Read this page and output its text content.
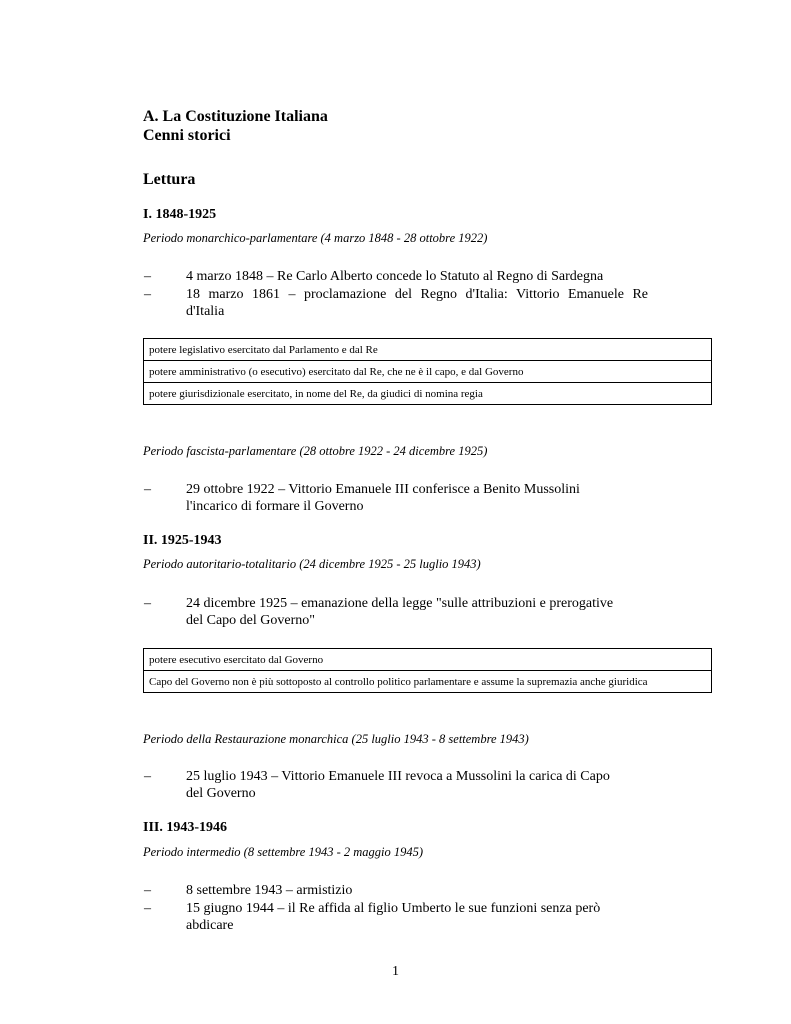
A. La Costituzione Italiana
Cenni storici
Lettura
I. 1848-1925
Periodo monarchico-parlamentare (4 marzo 1848 - 28 ottobre 1922)
–	4 marzo 1848 – Re Carlo Alberto concede lo Statuto al Regno di Sardegna
–	18 marzo 1861 – proclamazione del Regno d'Italia: Vittorio Emanuele Re
d'Italia
potere legislativo esercitato dal Parlamento e dal Re
potere amministrativo (o esecutivo) esercitato dal Re, che ne è il capo, e dal Governo
potere giurisdizionale esercitato, in nome del Re, da giudici di nomina regia
Periodo fascista-parlamentare (28 ottobre 1922 - 24 dicembre 1925)
–	29 ottobre 1922 – Vittorio Emanuele III conferisce a Benito Mussolini
l'incarico di formare il Governo
II. 1925-1943
Periodo autoritario-totalitario (24 dicembre 1925 - 25 luglio 1943)
–	24 dicembre 1925 – emanazione della legge "sulle attribuzioni e prerogative
del Capo del Governo"
potere esecutivo esercitato dal Governo
Capo del Governo non è più sottoposto al controllo politico parlamentare e assume la supremazia anche giuridica
Periodo della Restaurazione monarchica (25 luglio 1943 - 8 settembre 1943)
–	25 luglio 1943 – Vittorio Emanuele III revoca a Mussolini la carica di Capo
del Governo
III. 1943-1946
Periodo intermedio (8 settembre 1943 - 2 maggio 1945)
–	8 settembre 1943 – armistizio
–	15 giugno 1944 – il Re affida al figlio Umberto le sue funzioni senza però
abdicare
1
